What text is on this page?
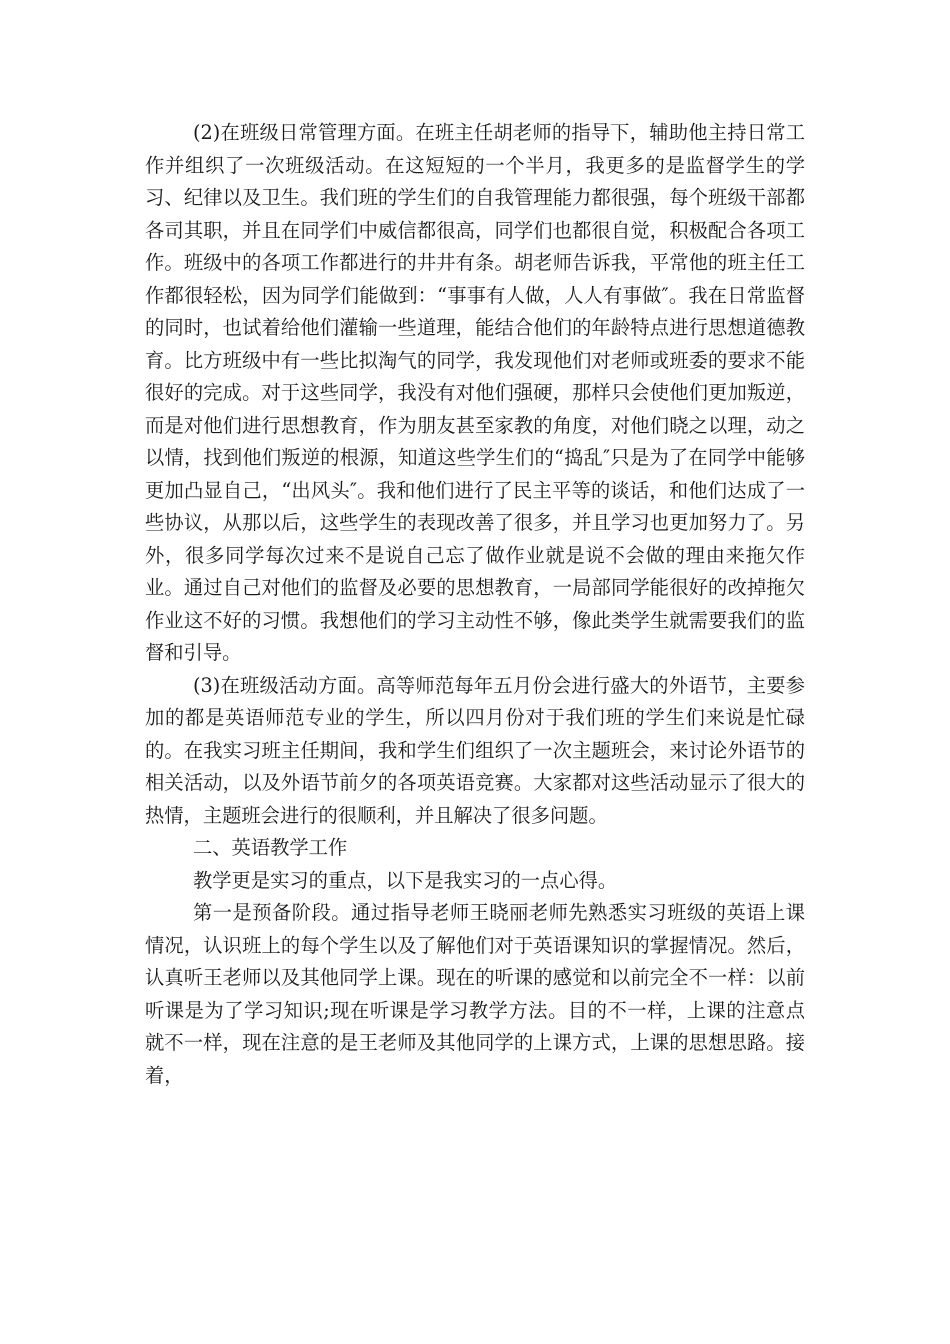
(2)在班级日常管理方面。在班主任胡老师的指导下，辅助他主持日常工作并组织了一次班级活动。在这短短的一个半月，我更多的是监督学生的学习、纪律以及卫生。我们班的学生们的自我管理能力都很强，每个班级干部都各司其职，并且在同学们中威信都很高，同学们也都很自觉，积极配合各项工作。班级中的各项工作都进行的井井有条。胡老师告诉我，平常他的班主任工作都很轻松，因为同学们能做到：“事事有人做，人人有事做″。我在日常监督的同时，也试着给他们灌输一些道理，能结合他们的年龄特点进行思想道德教育。比方班级中有一些比拟淘气的同学，我发现他们对老师或班委的要求不能很好的完成。对于这些同学，我没有对他们强硬，那样只会使他们更加叛逆，而是对他们进行思想教育，作为朋友甚至家教的角度，对他们晓之以理，动之以情，找到他们叛逆的根源，知道这些学生们的“捣乱″只是为了在同学中能够更加凸显自己，“出风头″。我和他们进行了民主平等的谈话，和他们达成了一些协议，从那以后，这些学生的表现改善了很多，并且学习也更加努力了。另外，很多同学每次过来不是说自己忘了做作业就是说不会做的理由来拖欠作业。通过自己对他们的监督及必要的思想教育，一局部同学能很好的改掉拖欠作业这不好的习惯。我想他们的学习主动性不够，像此类学生就需要我们的监督和引导。

(3)在班级活动方面。高等师范每年五月份会进行盛大的外语节，主要参加的都是英语师范专业的学生，所以四月份对于我们班的学生们来说是忙碌的。在我实习班主任期间，我和学生们组织了一次主题班会，来讨论外语节的相关活动，以及外语节前夕的各项英语竞赛。大家都对这些活动显示了很大的热情，主题班会进行的很顺利，并且解决了很多问题。

二、英语教学工作

教学更是实习的重点，以下是我实习的一点心得。

第一是预备阶段。通过指导老师王晓丽老师先熟悉实习班级的英语上课情况，认识班上的每个学生以及了解他们对于英语课知识的掌握情况。然后，认真听王老师以及其他同学上课。现在的听课的感觉和以前完全不一样：以前听课是为了学习知识;现在听课是学习教学方法。目的不一样，上课的注意点就不一样，现在注意的是王老师及其他同学的上课方式，上课的思想思路。接着，
